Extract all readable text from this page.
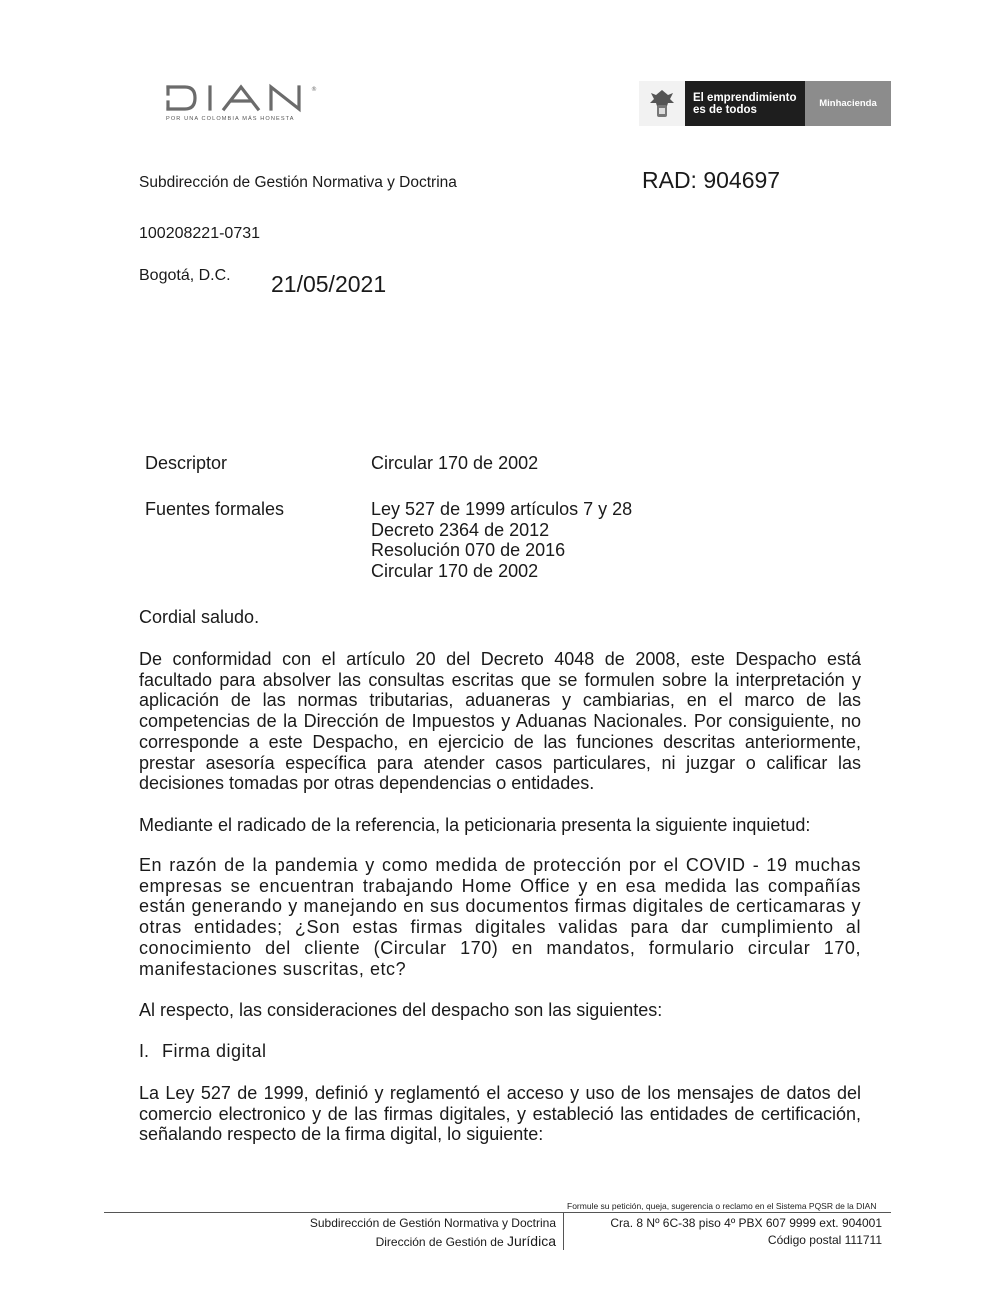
®
POR UNA COLOMBIA MÁS HONESTA
El emprendimiento
es de todos	Minhacienda
Subdirección de Gestión Normativa y Doctrina	RAD: 904697
100208221-0731
Bogotá, D.C. 21/05/2021
Descriptor	Circular 170 de 2002
Fuentes formales	Ley 527 de 1999 artículos 7 y 28
Decreto 2364 de 2012
Resolución 070 de 2016
Circular 170 de 2002
Cordial saludo.

De conformidad con el artículo 20 del Decreto 4048 de 2008, este Despacho está facultado para absolver las consultas escritas que se formulen sobre la interpretación y aplicación de las normas tributarias, aduaneras y cambiarias, en el marco de las competencias de la Dirección de Impuestos y Aduanas Nacionales. Por consiguiente, no corresponde a este Despacho, en ejercicio de las funciones descritas anteriormente, prestar asesoría específica para atender casos particulares, ni juzgar o calificar las decisiones tomadas por otras dependencias o entidades.

Mediante el radicado de la referencia, la peticionaria presenta la siguiente inquietud:

En razón de la pandemia y como medida de protección por el COVID - 19 muchas empresas se encuentran trabajando Home Office y en esa medida las compañías están generando y manejando en sus documentos firmas digitales de certicamaras y otras entidades; ¿Son estas firmas digitales validas para dar cumplimiento al conocimiento del cliente (Circular 170) en mandatos, formulario circular 170, manifestaciones suscritas, etc?

Al respecto, las consideraciones del despacho son las siguientes:

I. Firma digital

La Ley 527 de 1999, definió y reglamentó el acceso y uso de los mensajes de datos del comercio electronico y de las firmas digitales, y estableció las entidades de certificación, señalando respecto de la firma digital, lo siguiente:

Formule su petición, queja, sugerencia o reclamo en el Sistema PQSR de la DIAN
Subdirección de Gestión Normativa y Doctrina
Dirección de Gestión de Jurídica
Cra. 8 Nº 6C-38 piso 4º PBX 607 9999 ext. 904001
Código postal 111711
